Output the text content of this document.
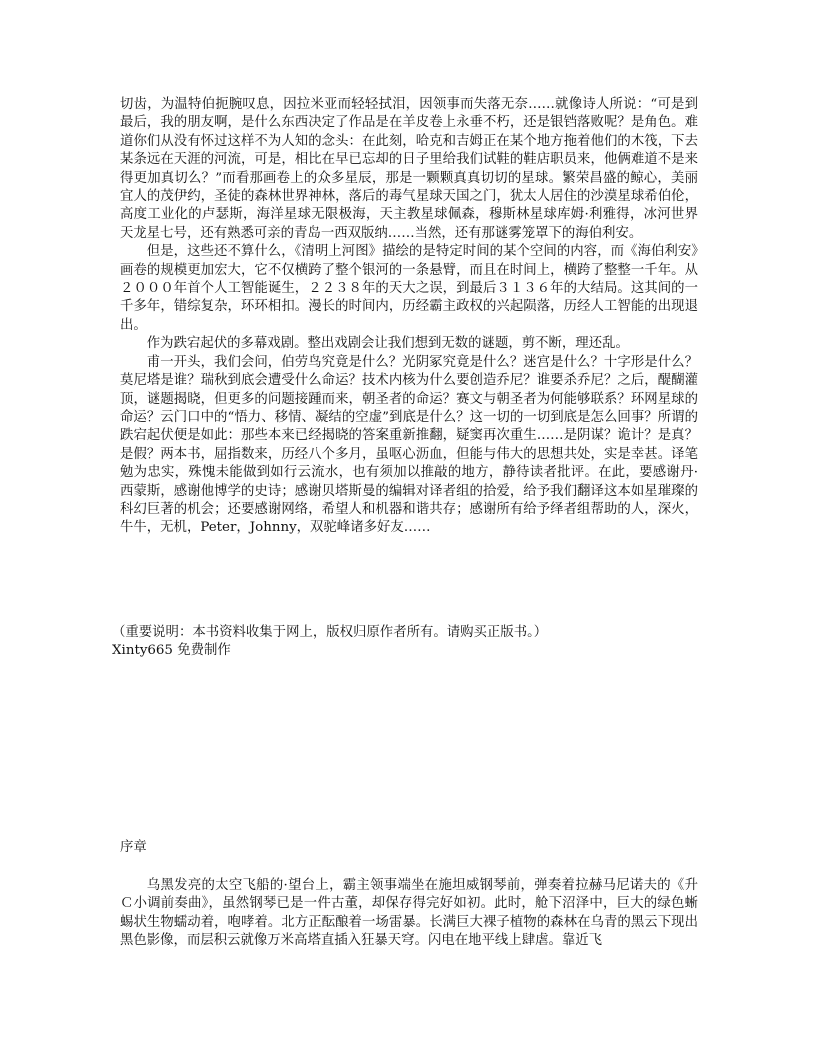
切齿，为温特伯扼腕叹息，因拉米亚而轻轻拭泪，因领事而失落无奈……就像诗人所说：“可是到最后，我的朋友啊，是什么东西决定了作品是在羊皮卷上永垂不朽，还是银铛落败呢？是角色。难道你们从没有怀过这样不为人知的念头：在此刻，哈克和吉姆正在某个地方拖着他们的木筏，下去某条远在天涯的河流，可是，相比在早已忘却的日子里给我们试鞋的鞋店职员来，他俩难道不是来得更加真切么？”而看那画卷上的众多星辰，那是一颗颗真真切切的星球。繁荣昌盛的鲸心，美丽宜人的茂伊约，圣徒的森林世界神林，落后的毒气星球天国之门，犹太人居住的沙漠星球希伯伦，高度工业化的卢瑟斯，海洋星球无限极海，天主教星球佩森，穆斯林星球库姆·利雅得，冰河世界天龙星七号，还有熟悉可亲的青岛一西双版纳……当然，还有那谜雾笼罩下的海伯利安。

但是，这些还不算什么，《清明上河图》描绘的是特定时间的某个空间的内容，而《海伯利安》画卷的规模更加宏大，它不仅横跨了整个银河的一条悬臂，而且在时间上，横跨了整整一千年。从２０００年首个人工智能诞生，２２３８年的天大之误，到最后３１３６年的大结局。这其间的一千多年，错综复杂，环环相扣。漫长的时间内，历经霸主政权的兴起陨落，历经人工智能的出现退出。

作为跌宕起伏的多幕戏剧。整出戏剧会让我们想到无数的谜题，剪不断，理还乱。

甫一开头，我们会问，伯劳鸟究竟是什么？光阴冢究竟是什么？迷宫是什么？十字形是什么？莫尼塔是谁？瑞秋到底会遭受什么命运？技术内核为什么要创造乔尼？谁要杀乔尼？之后，醍醐灌顶，谜题揭晓，但更多的问题接踵而来，朝圣者的命运？赛文与朝圣者为何能够联系？环网星球的命运？云门口中的“悟力、移情、凝结的空虚”到底是什么？这一切的一切到底是怎么回事？所谓的跌宕起伏便是如此：那些本来已经揭晓的答案重新推翻，疑窦再次重生……是阴谋？诡计？是真？是假？两本书，屈指数来，历经八个多月，虽呕心沥血，但能与伟大的思想共处，实是幸甚。译笔勉为忠实，殊愧未能做到如行云流水，也有须加以推敲的地方，静待读者批评。在此，要感谢丹·西蒙斯，感谢他博学的史诗；感谢贝塔斯曼的编辑对译者组的拾爱，给予我们翻译这本如星璀璨的科幻巨著的机会；还要感谢网络，希望人和机器和谐共存；感谢所有给予绎者组帮助的人，深火，牛牛，无机，Peter，Johnny，双驼峰诸多好友……

（重要说明：本书资料收集于网上，版权归原作者所有。请购买正版书。）

Xinty665 免费制作

序章

乌黑发亮的太空飞船的·望台上，霸主领事端坐在施坦威钢琴前，弹奏着拉赫马尼诺夫的《升Ｃ小调前奏曲》，虽然钢琴已是一件古董，却保存得完好如初。此时，舱下沼泽中，巨大的绿色蜥蜴状生物蠕动着，咆哮着。北方正酝酿着一场雷暴。长满巨大裸子植物的森林在乌青的黑云下现出黑色影像，而层积云就像万米高塔直插入狂暴天穹。闪电在地平线上肆虐。靠近飞
